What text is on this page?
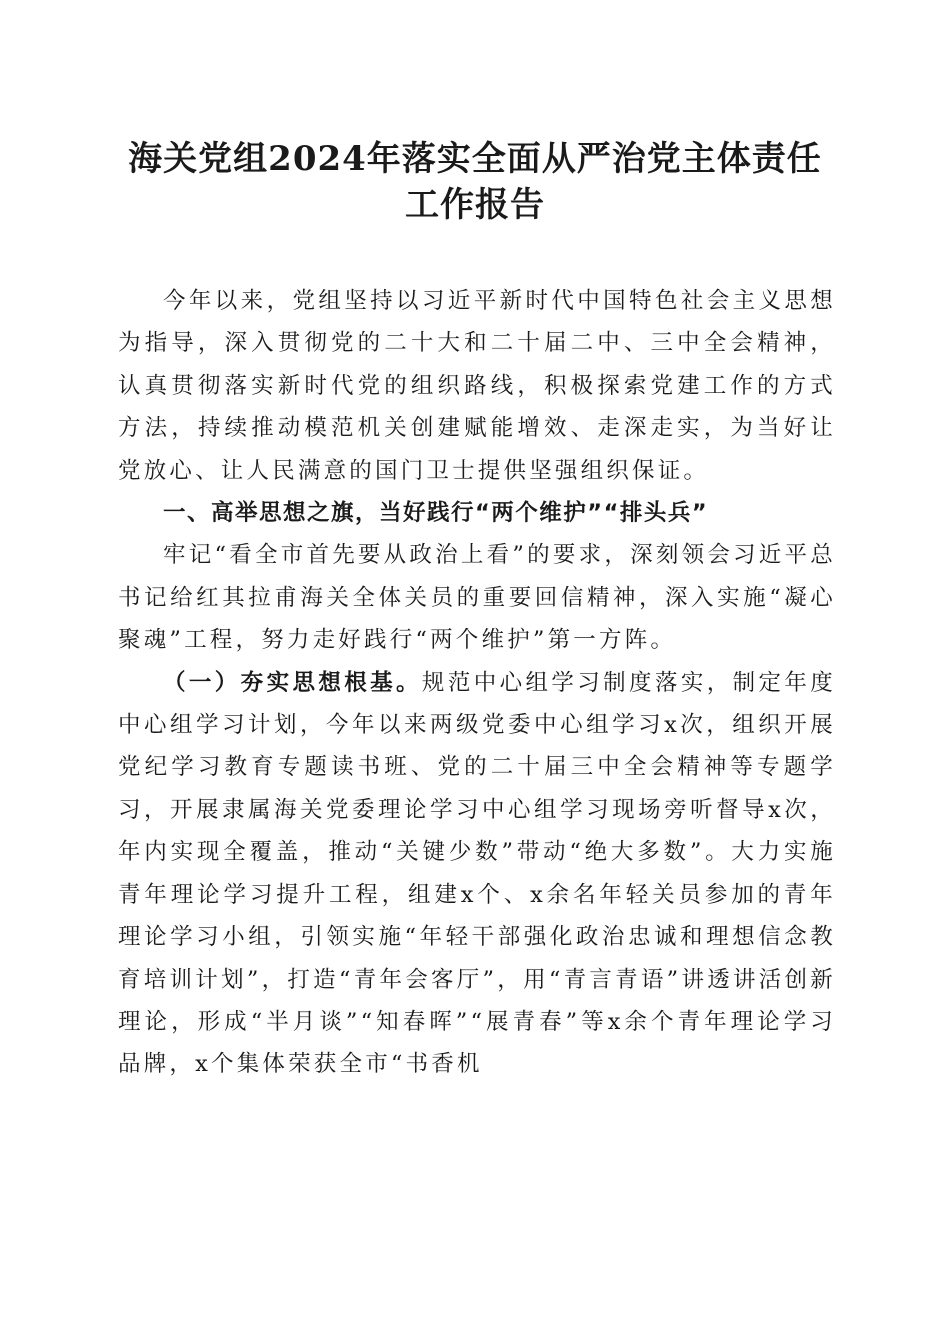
海关党组2024年落实全面从严治党主体责任
工作报告

今年以来，党组坚持以习近平新时代中国特色社会主义思想为指导，深入贯彻党的二十大和二十届二中、三中全会精神，认真贯彻落实新时代党的组织路线，积极探索党建工作的方式方法，持续推动模范机关创建赋能增效、走深走实，为当好让党放心、让人民满意的国门卫士提供坚强组织保证。

一、高举思想之旗，当好践行“两个维护”“排头兵”

牢记“看全市首先要从政治上看”的要求，深刻领会习近平总书记给红其拉甫海关全体关员的重要回信精神，深入实施“凝心聚魂”工程，努力走好践行“两个维护”第一方阵。

（一）夯实思想根基。规范中心组学习制度落实，制定年度中心组学习计划，今年以来两级党委中心组学习x次，组织开展党纪学习教育专题读书班、党的二十届三中全会精神等专题学习，开展隶属海关党委理论学习中心组学习现场旁听督导x次，年内实现全覆盖，推动“关键少数”带动“绝大多数”。大力实施青年理论学习提升工程，组建x个、x余名年轻关员参加的青年理论学习小组，引领实施“年轻干部强化政治忠诚和理想信念教育培训计划”，打造“青年会客厅”，用“青言青语”讲透讲活创新理论，形成“半月谈”“知春晖”“展青春”等x余个青年理论学习品牌，x个集体荣获全市“书香机
